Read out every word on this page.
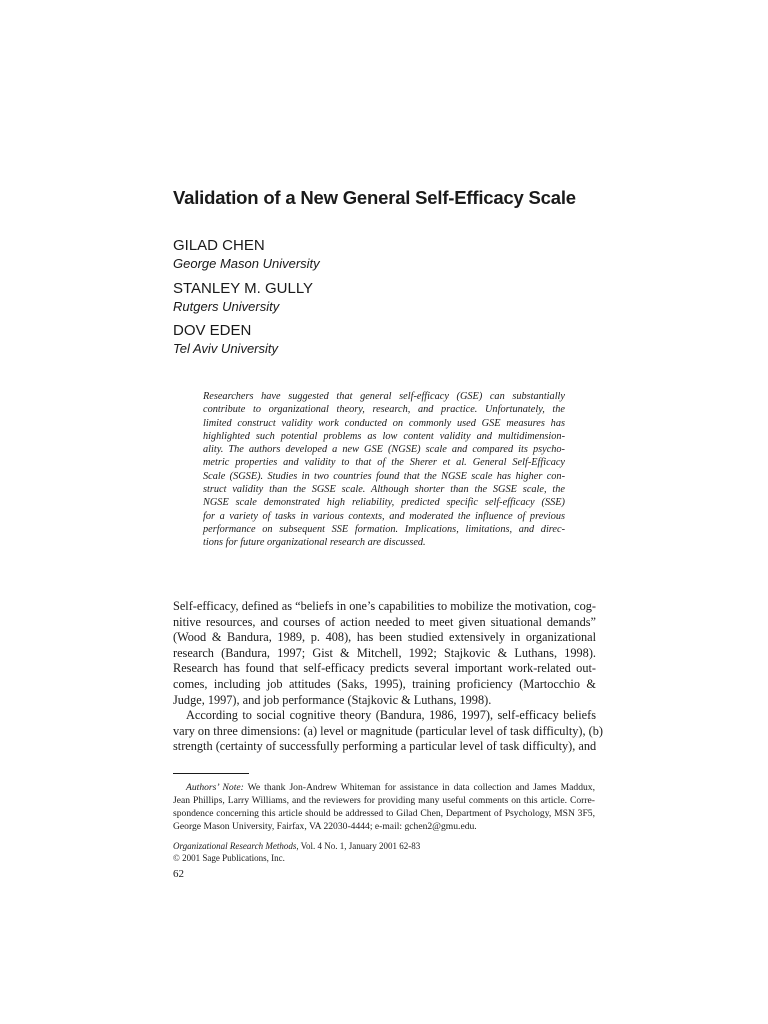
Validation of a New General Self-Efficacy Scale
GILAD CHEN
George Mason University
STANLEY M. GULLY
Rutgers University
DOV EDEN
Tel Aviv University
Researchers have suggested that general self-efficacy (GSE) can substantially
contribute to organizational theory, research, and practice. Unfortunately, the
limited construct validity work conducted on commonly used GSE measures has
highlighted such potential problems as low content validity and multidimension-
ality. The authors developed a new GSE (NGSE) scale and compared its psycho-
metric properties and validity to that of the Sherer et al. General Self-Efficacy
Scale (SGSE). Studies in two countries found that the NGSE scale has higher con-
struct validity than the SGSE scale. Although shorter than the SGSE scale, the
NGSE scale demonstrated high reliability, predicted specific self-efficacy (SSE)
for a variety of tasks in various contexts, and moderated the influence of previous
performance on subsequent SSE formation. Implications, limitations, and direc-
tions for future organizational research are discussed.
Self-efficacy, defined as “beliefs in one’s capabilities to mobilize the motivation, cog-
nitive resources, and courses of action needed to meet given situational demands”
(Wood & Bandura, 1989, p. 408), has been studied extensively in organizational
research (Bandura, 1997; Gist & Mitchell, 1992; Stajkovic & Luthans, 1998).
Research has found that self-efficacy predicts several important work-related out-
comes, including job attitudes (Saks, 1995), training proficiency (Martocchio &
Judge, 1997), and job performance (Stajkovic & Luthans, 1998).
According to social cognitive theory (Bandura, 1986, 1997), self-efficacy beliefs
vary on three dimensions: (a) level or magnitude (particular level of task difficulty), (b)
strength (certainty of successfully performing a particular level of task difficulty), and
Authors’ Note: We thank Jon-Andrew Whiteman for assistance in data collection and James Maddux,
Jean Phillips, Larry Williams, and the reviewers for providing many useful comments on this article. Corre-
spondence concerning this article should be addressed to Gilad Chen, Department of Psychology, MSN 3F5,
George Mason University, Fairfax, VA 22030-4444; e-mail: gchen2@gmu.edu.
Organizational Research Methods, Vol. 4 No. 1, January 2001 62-83
© 2001 Sage Publications, Inc.
62
